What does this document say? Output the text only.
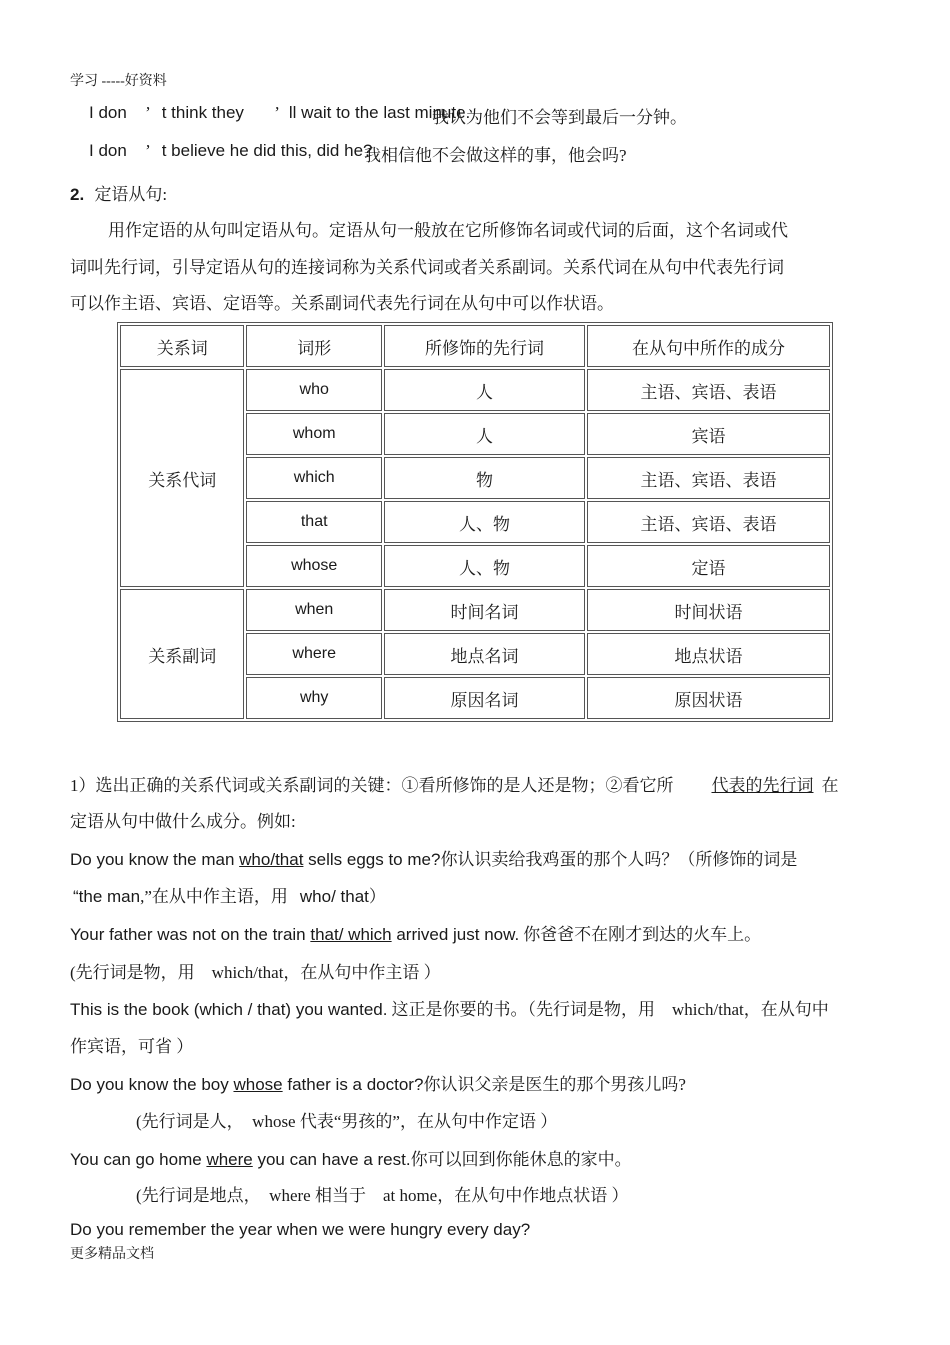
学习 -----好资料
I don ’ t think they ’ ll wait to the last minute.
我认为他们不会等到最后一分钟。
I don ’ t believe he did this, did he?
我相信他不会做这样的事，他会吗?
2. 定语从句:
用作定语的从句叫定语从句。定语从句一般放在它所修饰名词或代词的后面，这个名词或代
词叫先行词，引导定语从句的连接词称为关系代词或者关系副词。关系代词在从句中代表先行词
可以作主语、宾语、定语等。关系副词代表先行词在从句中可以作状语。
关系词	词形	所修饰的先行词	在从句中所作的成分
关系代词	who	人	主语、宾语、表语
	whom	人	宾语
	which	物	主语、宾语、表语
	that	人、物	主语、宾语、表语
	whose	人、物	定语
关系副词	when	时间名词	时间状语
	where	地点名词	地点状语
	why	原因名词	原因状语
1）选出正确的关系代词或关系副词的关键：①看所修饰的是人还是物；②看它所 代表的先行词 在
定语从句中做什么成分。例如:
Do you know the man who/that sells eggs to me?你认识卖给我鸡蛋的那个人吗？（所修饰的词是
“the man,”在从中作主语，用 who/ that）
Your father was not on the train that/ which arrived just now. 你爸爸不在刚才到达的火车上。
(先行词是物，用　which/that，在从句中作主语 ）
This is the book (which / that) you wanted. 这正是你要的书。（先行词是物，用　which/that，在从句中
作宾语，可省 ）
Do you know the boy whose father is a doctor?你认识父亲是医生的那个男孩儿吗?
(先行词是人，　whose 代表“男孩的”，在从句中作定语 ）
You can go home where you can have a rest.你可以回到你能休息的家中。
(先行词是地点，　where 相当于　at home，在从句中作地点状语 ）
Do you remember the year when we were hungry every day?
更多精品文档
